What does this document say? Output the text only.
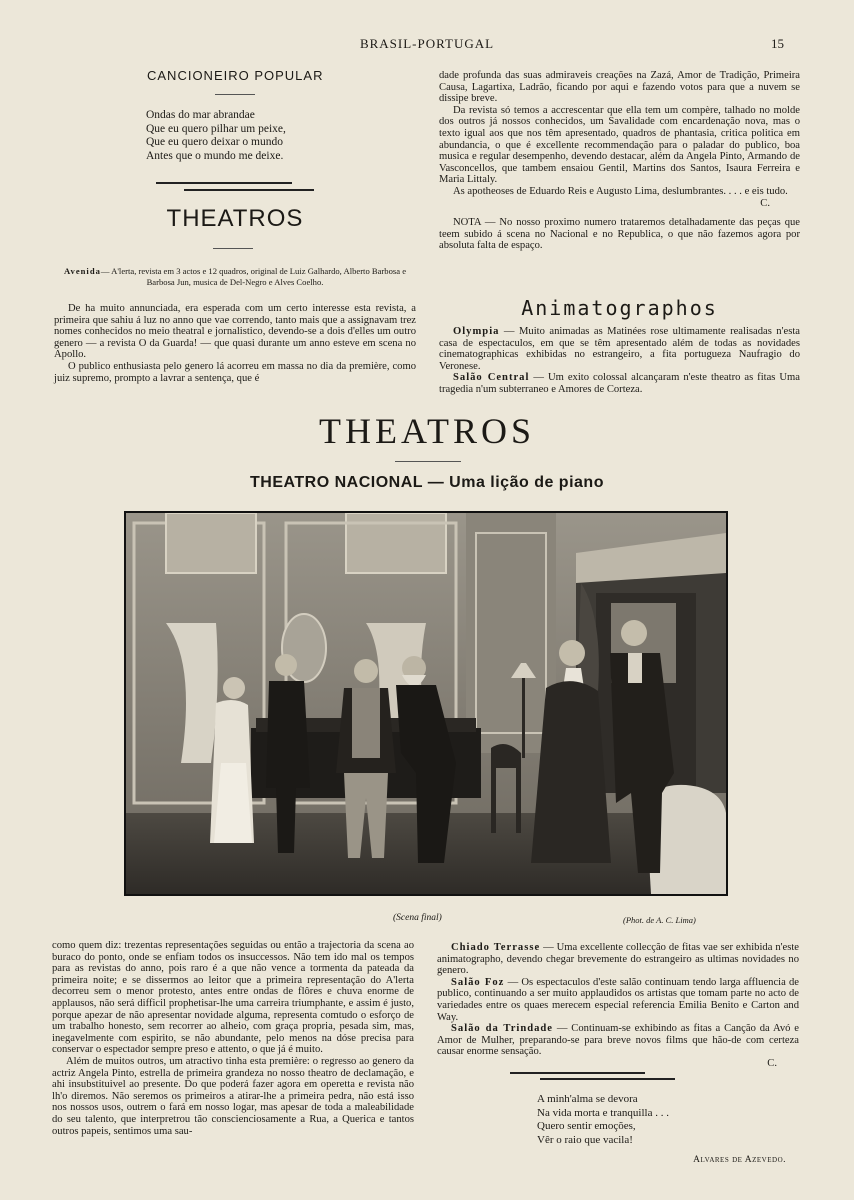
BRASIL-PORTUGAL	15
CANCIONEIRO POPULAR
Ondas do mar abrandae
Que eu quero pilhar um peixe,
Que eu quero deixar o mundo
Antes que o mundo me deixe.
THEATROS
Avenida— A'lerta, revista em 3 actos e 12 quadros, original de Luiz Galhardo, Alberto Barbosa e Barbosa Jun, musica de Del-Negro e Alves Coelho.

De ha muito annunciada, era esperada com um certo interesse esta revista, a primeira que sahiu á luz no anno que vae correndo, tanto mais que a assignavam trez nomes conhecidos no meio theatral e jornalistico, devendo-se a dois d'elles um outro genero — a revista O da Guarda! — que quasi durante um anno esteve em scena no Apollo.

O publico enthusiasta pelo genero lá acorreu em massa no dia da première, como juiz supremo, prompto a lavrar a sentença, que é

dade profunda das suas admiraveis creações na Zazá, Amor de Tradição, Primeira Causa, Lagartixa, Ladrão, ficando por aqui e fazendo votos para que a nuvem se dissipe breve.

Da revista só temos a accrescentar que ella tem um compère, talhado no molde dos outros já nossos conhecidos, um Savalidade com encardenação nova, mas o texto igual aos que nos têm apresentado, quadros de phantasia, critica politica em abundancia, o que é excellente recommendação para o paladar do publico, boa musica e regular desempenho, devendo destacar, além da Angela Pinto, Armando de Vasconcellos, que tambem ensaiou Gentil, Martins dos Santos, Isaura Ferreira e Maria Littaly.

As apotheoses de Eduardo Reis e Augusto Lima, deslumbrantes. . . . e eis tudo.

C.

NOTA — No nosso proximo numero trataremos detalhadamente das peças que teem subido á scena no Nacional e no Republica, o que não fazemos agora por absoluta falta de espaço.

Animatographos

Olympia — Muito animadas as Matinées rose ultimamente realisadas n'esta casa de espectaculos, em que se têm apresentado além de todas as novidades cinematographicas exhibidas no estrangeiro, a fita portugueza Naufragio do Veronese.

Salão Central — Um exito colossal alcançaram n'este theatro as fitas Uma tragedia n'um subterraneo e Amores de Corteza.

THEATROS
THEATRO NACIONAL — Uma lição de piano
(Scena final)	(Phot. de A. C. Lima)

como quem diz: trezentas representações seguidas ou então a trajectoria da scena ao buraco do ponto, onde se enfiam todos os insuccessos. Não tem ido mal os tempos para as revistas do anno, pois raro é a que não vence a tormenta da pateada da primeira noite; e se dissermos ao leitor que a primeira representação do A'lerta decorreu sem o menor protesto, antes entre ondas de flôres e chuva enorme de applausos, não será difficil prophetisar-lhe uma carreira triumphante, e assim é justo, porque apezar de não apresentar novidade alguma, representa comtudo o esforço de um trabalho honesto, sem recorrer ao alheio, com graça propria, pesada sim, mas, inegavelmente com espirito, se não abundante, pelo menos na dóse precisa para conservar o espectador sempre preso e attento, o que já é muito.

Além de muitos outros, um atractivo tinha esta première: o regresso ao genero da actriz Angela Pinto, estrella de primeira grandeza no nosso theatro de declamação, e ahi insubstituivel ao presente. Do que poderá fazer agora em operetta e revista não lh'o diremos. Não seremos os primeiros a atirar-lhe a primeira pedra, não está isso nos nossos usos, outrem o fará em nosso logar, mas apesar de toda a maleabilidade do seu talento, que interpretrou tão conscienciosamente a Rua, a Querica e tantos outros papeis, sentimos uma sau-

Chiado Terrasse — Uma excellente collecção de fitas vae ser exhibida n'este animatographo, devendo chegar brevemente do estrangeiro as ultimas novidades no genero.

Salão Foz — Os espectaculos d'este salão continuam tendo larga affluencia de publico, continuando a ser muito applaudidos os artistas que tomam parte no acto de variedades entre os quaes merecem especial referencia Emilia Benito e Carton and Way.

Salão da Trindade — Continuam-se exhibindo as fitas a Canção da Avó e Amor de Mulher, preparando-se para breve novos films que hão-de com certeza causar enorme sensação.

C.

A minh'alma se devora
Na vida morta e tranquilla . . .
Quero sentir emoções,
Vêr o raio que vacila!
Alvares de Azevedo.
